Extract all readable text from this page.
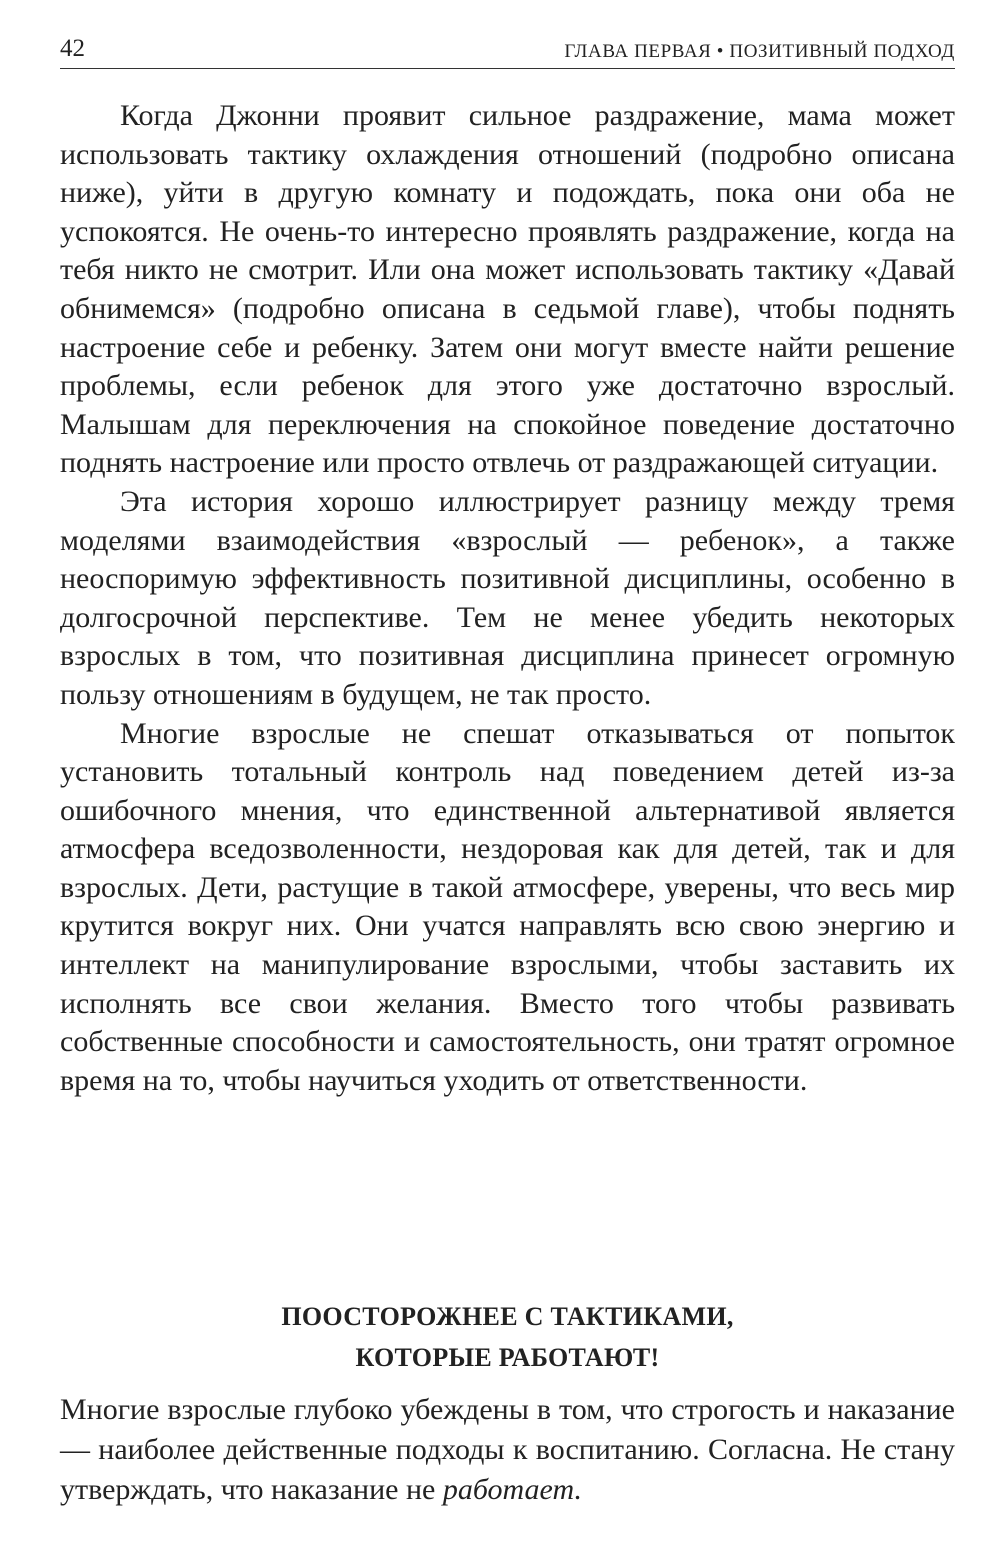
42	ГЛАВА ПЕРВАЯ • ПОЗИТИВНЫЙ ПОДХОД

Когда Джонни проявит сильное раздражение, мама может использовать тактику охлаждения отношений (подробно описана ниже), уйти в другую комнату и подождать, пока они оба не успокоятся. Не очень-то интересно проявлять раздражение, когда на тебя никто не смотрит. Или она может использовать тактику «Давай обнимемся» (подробно описана в седьмой главе), чтобы поднять настроение себе и ребенку. Затем они могут вместе найти решение проблемы, если ребенок для этого уже достаточно взрослый. Малышам для переключения на спокойное поведение достаточно поднять настроение или просто отвлечь от раздражающей ситуации.

Эта история хорошо иллюстрирует разницу между тремя моделями взаимодействия «взрослый — ребенок», а также неоспоримую эффективность позитивной дисциплины, особенно в долгосрочной перспективе. Тем не менее убедить некоторых взрослых в том, что позитивная дисциплина принесет огромную пользу отношениям в будущем, не так просто.

Многие взрослые не спешат отказываться от попыток установить тотальный контроль над поведением детей из-за ошибочного мнения, что единственной альтернативой является атмосфера вседозволенности, нездоровая как для детей, так и для взрослых. Дети, растущие в такой атмосфере, уверены, что весь мир крутится вокруг них. Они учатся направлять всю свою энергию и интеллект на манипулирование взрослыми, чтобы заставить их исполнять все свои желания. Вместо того чтобы развивать собственные способности и самостоятельность, они тратят огромное время на то, чтобы научиться уходить от ответственности.

ПООСТОРОЖНЕЕ С ТАКТИКАМИ,
КОТОРЫЕ РАБОТАЮТ!

Многие взрослые глубоко убеждены в том, что строгость и наказание — наиболее действенные подходы к воспитанию. Согласна. Не стану утверждать, что наказание не работает.
